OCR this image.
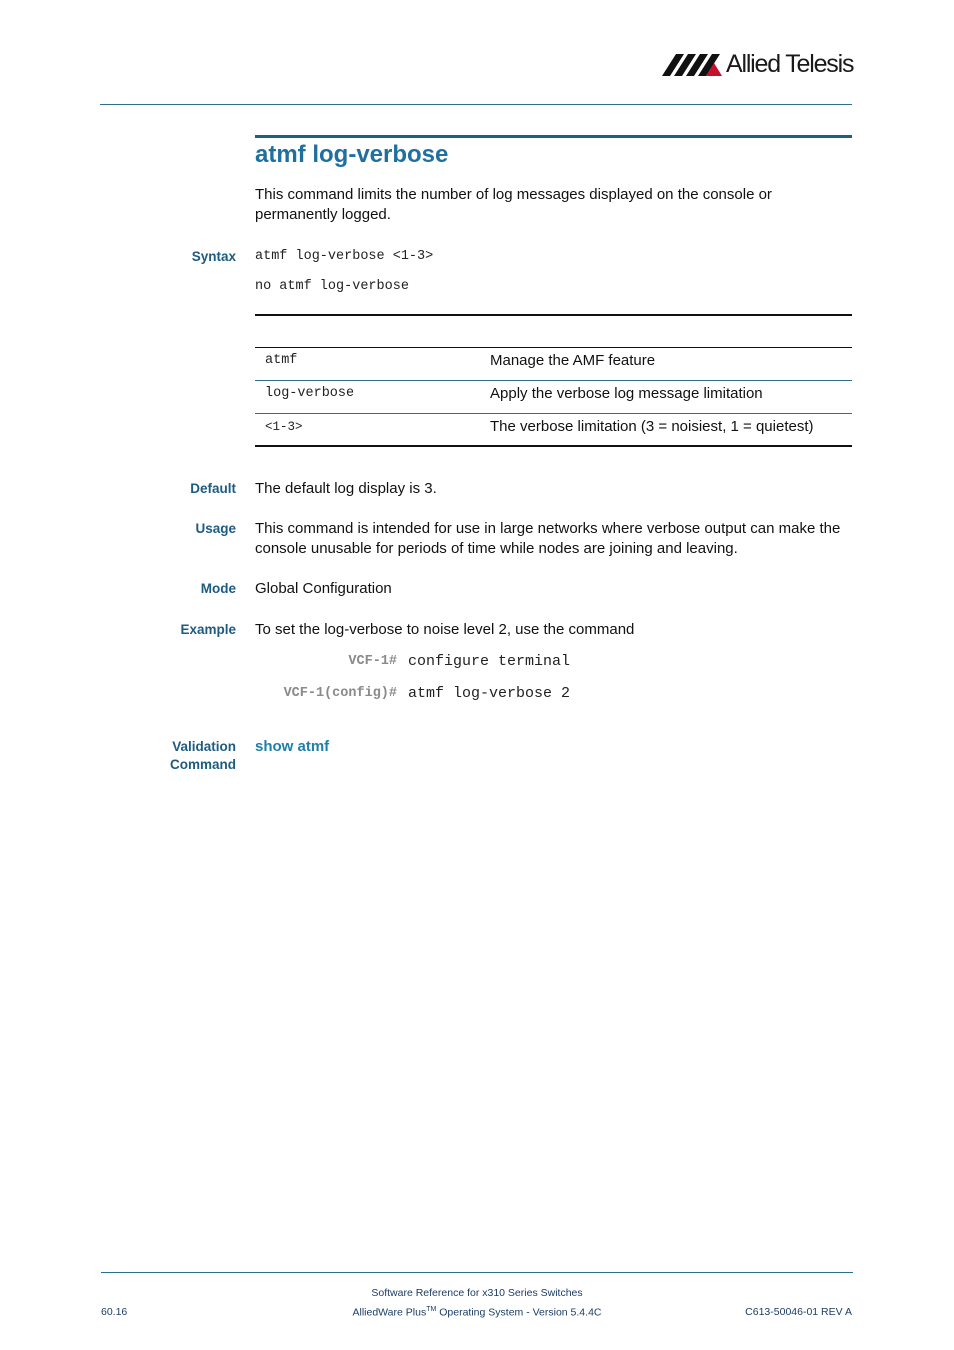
Allied Telesis
atmf log-verbose
This command limits the number of log messages displayed on the console or permanently logged.
Syntax atmf log-verbose <1-3>
no atmf log-verbose
atmf	Manage the AMF feature
log-verbose	Apply the verbose log message limitation
<1-3>	The verbose limitation (3 = noisiest, 1 = quietest)
Default The default log display is 3.
Usage This command is intended for use in large networks where verbose output can make the console unusable for periods of time while nodes are joining and leaving.
Mode Global Configuration
Example To set the log-verbose to noise level 2, use the command
VCF-1# configure terminal
VCF-1(config)# atmf log-verbose 2
Validation
Command
show atmf
Software Reference for x310 Series Switches
60.16	AlliedWare Plus™ Operating System - Version 5.4.4C	C613-50046-01 REV A
